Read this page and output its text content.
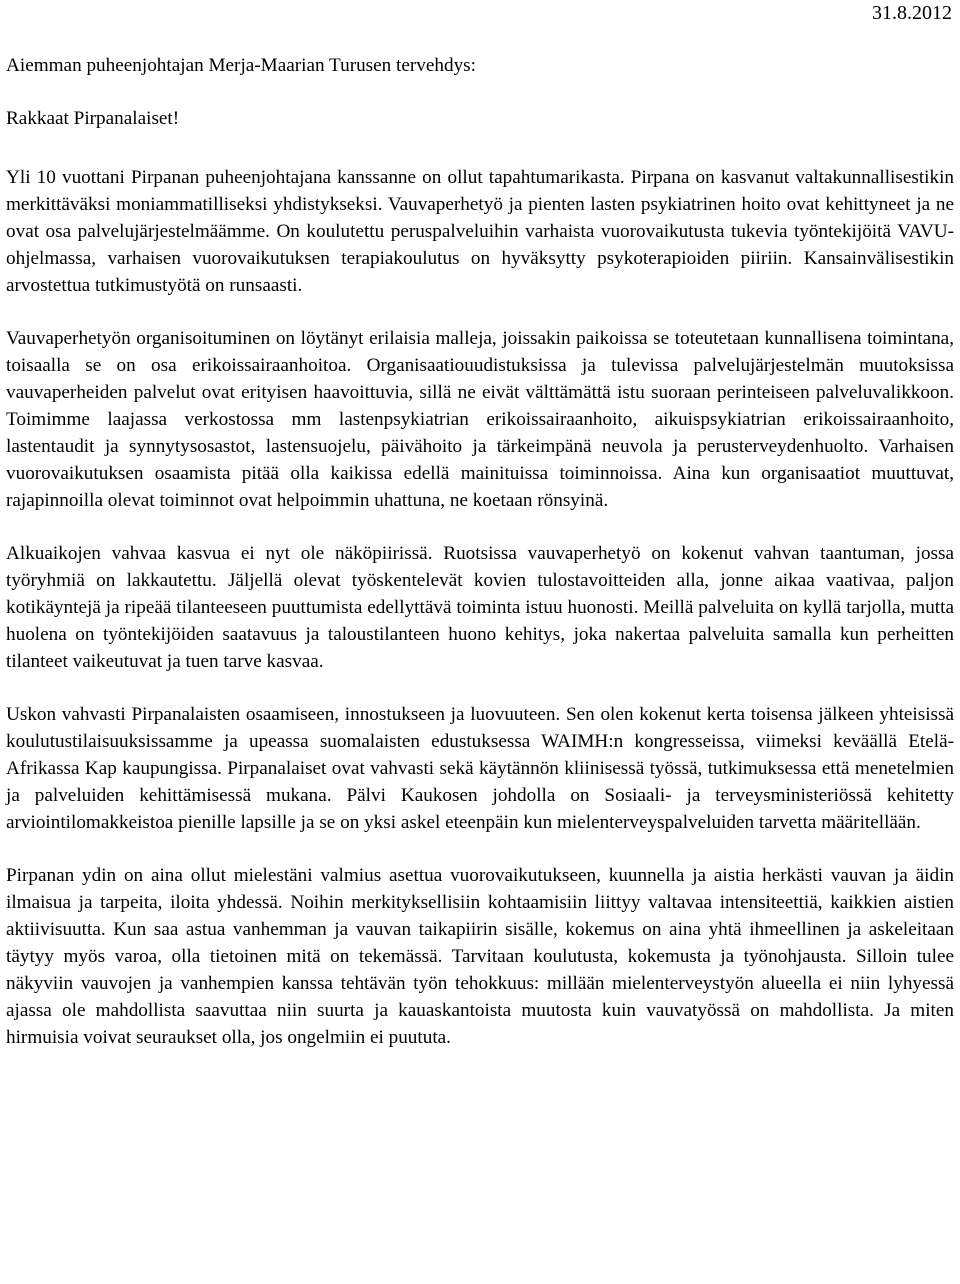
31.8.2012

Aiemman puheenjohtajan Merja-Maarian Turusen tervehdys:

Rakkaat Pirpanalaiset!

Yli 10 vuottani Pirpanan puheenjohtajana kanssanne on ollut tapahtumarikasta. Pirpana on kasvanut valtakunnallisestikin merkittäväksi moniammatilliseksi yhdistykseksi. Vauvaperhetyö ja pienten lasten psykiatrinen hoito ovat kehittyneet ja ne ovat osa palvelujärjestelmäämme. On koulutettu peruspalveluihin varhaista vuorovaikutusta tukevia työntekijöitä VAVU- ohjelmassa, varhaisen vuorovaikutuksen terapiakoulutus on hyväksytty psykoterapioiden piiriin. Kansainvälisestikin arvostettua tutkimustyötä on runsaasti.

Vauvaperhetyön organisoituminen on löytänyt erilaisia malleja, joissakin paikoissa se toteutetaan kunnallisena toimintana, toisaalla se on osa erikoissairaanhoitoa. Organisaatiouudistuksissa ja tulevissa palvelujärjestelmän muutoksissa vauvaperheiden palvelut ovat erityisen haavoittuvia, sillä ne eivät välttämättä istu suoraan perinteiseen palveluvalikkoon. Toimimme laajassa verkostossa mm lastenpsykiatrian erikoissairaanhoito, aikuispsykiatrian erikoissairaanhoito, lastentaudit ja synnytysosastot, lastensuojelu, päivähoito ja tärkeimpänä neuvola ja perusterveydenhuolto. Varhaisen vuorovaikutuksen osaamista pitää olla kaikissa edellä mainituissa toiminnoissa. Aina kun organisaatiot muuttuvat, rajapinnoilla olevat toiminnot ovat helpoimmin uhattuna, ne koetaan rönsyinä.

Alkuaikojen vahvaa kasvua ei nyt ole näköpiirissä. Ruotsissa vauvaperhetyö on kokenut vahvan taantuman, jossa työryhmiä on lakkautettu. Jäljellä olevat työskentelevät kovien tulostavoitteiden alla, jonne aikaa vaativaa, paljon kotikäyntejä ja ripeää tilanteeseen puuttumista edellyttävä toiminta istuu huonosti. Meillä palveluita on kyllä tarjolla, mutta huolena on työntekijöiden saatavuus ja taloustilanteen huono kehitys, joka nakertaa palveluita samalla kun perheitten tilanteet vaikeutuvat ja tuen tarve kasvaa.

Uskon vahvasti Pirpanalaisten osaamiseen, innostukseen ja luovuuteen. Sen olen kokenut kerta toisensa jälkeen yhteisissä koulutustilaisuuksissamme ja upeassa suomalaisten edustuksessa WAIMH:n kongresseissa, viimeksi keväällä Etelä-Afrikassa Kap kaupungissa. Pirpanalaiset ovat vahvasti sekä käytännön kliinisessä työssä, tutkimuksessa että menetelmien ja palveluiden kehittämisessä mukana. Pälvi Kaukosen johdolla on Sosiaali- ja terveysministeriössä kehitetty arviointilomakkeistoa pienille lapsille ja se on yksi askel eteenpäin kun mielenterveyspalveluiden tarvetta määritellään.

Pirpanan ydin on aina ollut mielestäni valmius asettua vuorovaikutukseen, kuunnella ja aistia herkästi vauvan ja äidin ilmaisua ja tarpeita, iloita yhdessä. Noihin merkityksellisiin kohtaamisiin liittyy valtavaa intensiteettiä, kaikkien aistien aktiivisuutta. Kun saa astua vanhemman ja vauvan taikapiirin sisälle, kokemus on aina yhtä ihmeellinen ja askeleitaan täytyy myös varoa, olla tietoinen mitä on tekemässä. Tarvitaan koulutusta, kokemusta ja työnohjausta. Silloin tulee näkyviin vauvojen ja vanhempien kanssa tehtävän työn tehokkuus: millään mielenterveystyön alueella ei niin lyhyessä ajassa ole mahdollista saavuttaa niin suurta ja kauaskantoista muutosta kuin vauvatyössä on mahdollista. Ja miten hirmuisia voivat seuraukset olla, jos ongelmiin ei puututa.
